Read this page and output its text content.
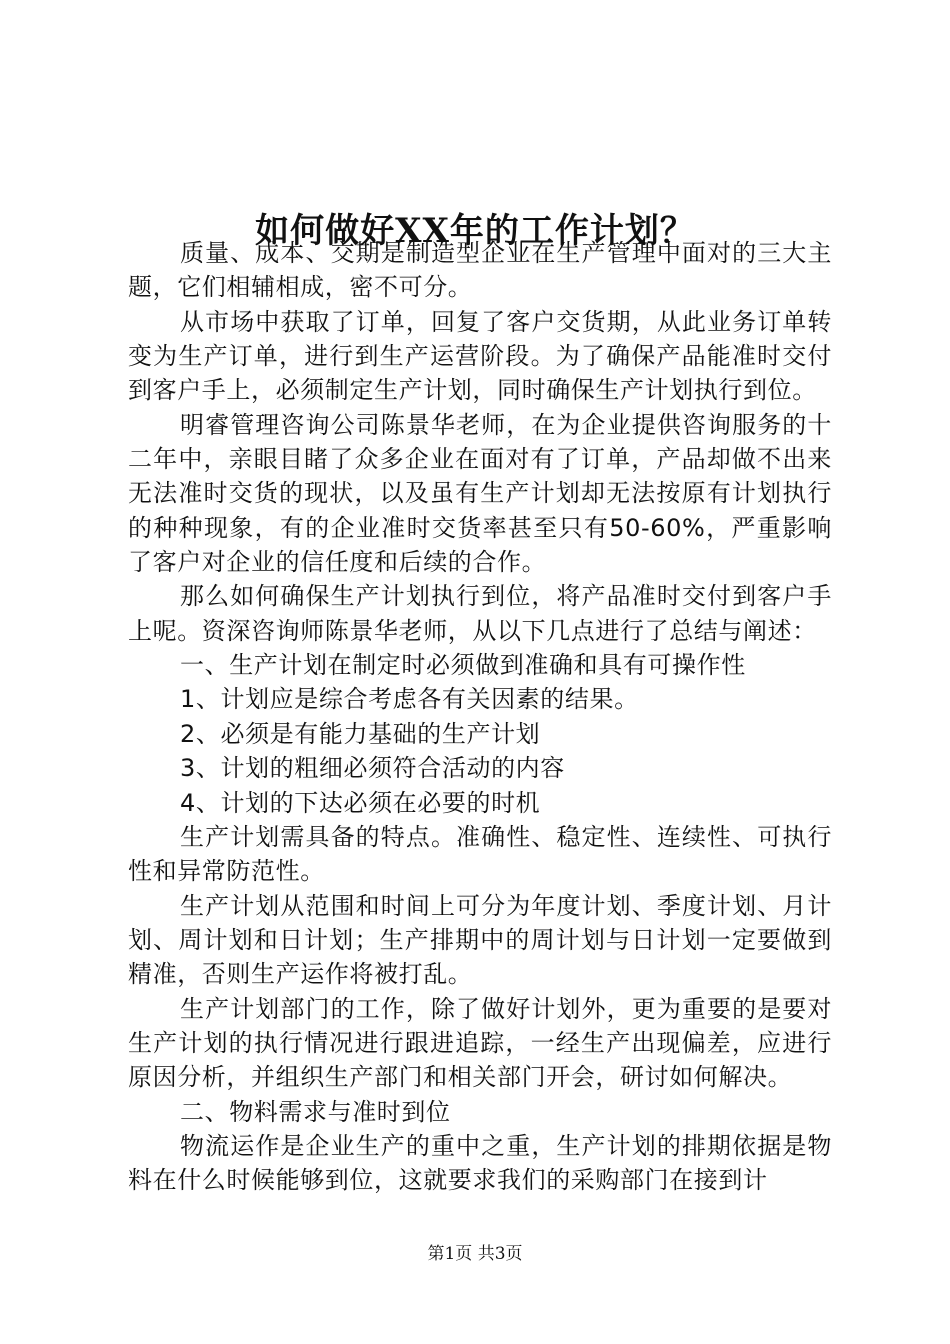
如何做好XX年的工作计划？

质量、成本、交期是制造型企业在生产管理中面对的三大主题，它们相辅相成，密不可分。

从市场中获取了订单，回复了客户交货期，从此业务订单转变为生产订单，进行到生产运营阶段。为了确保产品能准时交付到客户手上，必须制定生产计划，同时确保生产计划执行到位。

明睿管理咨询公司陈景华老师，在为企业提供咨询服务的十二年中，亲眼目睹了众多企业在面对有了订单，产品却做不出来无法准时交货的现状，以及虽有生产计划却无法按原有计划执行的种种现象，有的企业准时交货率甚至只有50-60%，严重影响了客户对企业的信任度和后续的合作。

那么如何确保生产计划执行到位，将产品准时交付到客户手上呢。资深咨询师陈景华老师，从以下几点进行了总结与阐述：

一、生产计划在制定时必须做到准确和具有可操作性

1、计划应是综合考虑各有关因素的结果。

2、必须是有能力基础的生产计划

3、计划的粗细必须符合活动的内容

4、计划的下达必须在必要的时机

生产计划需具备的特点。准确性、稳定性、连续性、可执行性和异常防范性。

生产计划从范围和时间上可分为年度计划、季度计划、月计划、周计划和日计划；生产排期中的周计划与日计划一定要做到精准，否则生产运作将被打乱。

生产计划部门的工作，除了做好计划外，更为重要的是要对生产计划的执行情况进行跟进追踪，一经生产出现偏差，应进行原因分析，并组织生产部门和相关部门开会，研讨如何解决。

二、物料需求与准时到位

物流运作是企业生产的重中之重，生产计划的排期依据是物料在什么时候能够到位，这就要求我们的采购部门在接到计

第1页 共3页
